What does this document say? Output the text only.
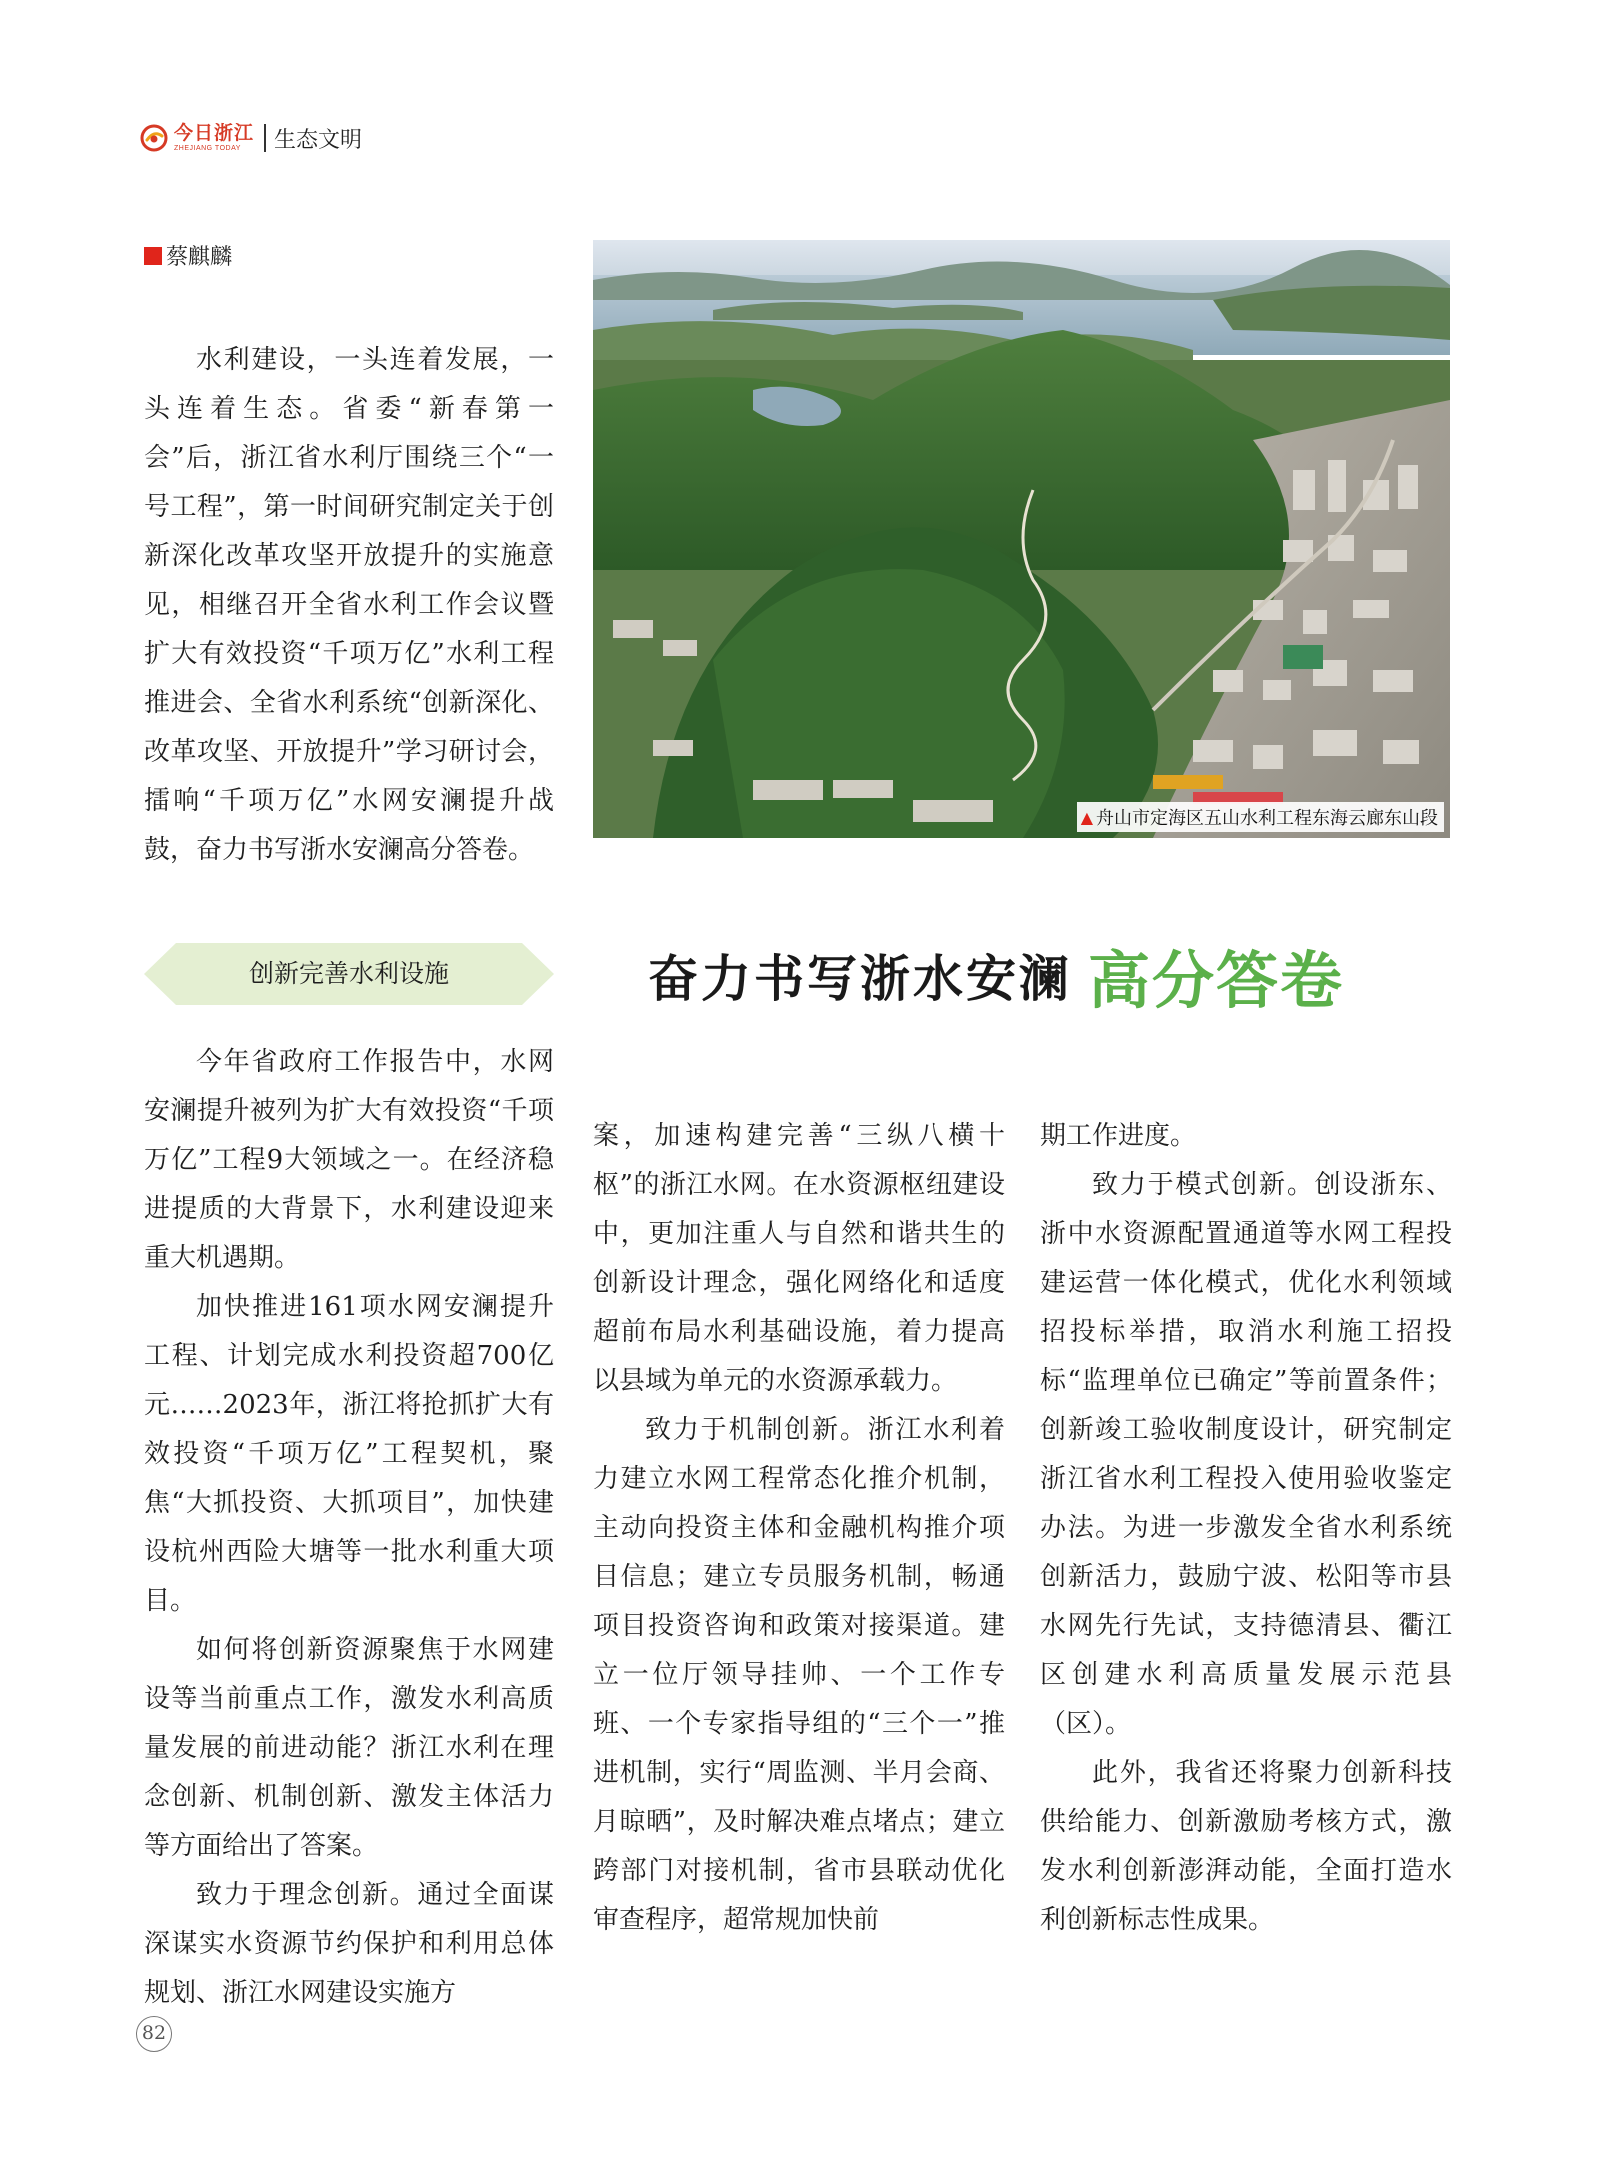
今日浙江
ZHEJIANG TODAY	生态文明
蔡麒麟

水利建设，一头连着发展，一头连着生态。省委“新春第一会”后，浙江省水利厅围绕三个“一号工程”，第一时间研究制定关于创新深化改革攻坚开放提升的实施意见，相继召开全省水利工作会议暨扩大有效投资“千项万亿”水利工程推进会、全省水利系统“创新深化、改革攻坚、开放提升”学习研讨会，擂响“千项万亿”水网安澜提升战鼓，奋力书写浙水安澜高分答卷。

▲ 舟山市定海区五山水利工程东海云廊东山段
创新完善水利设施	奋力书写浙水安澜 高分答卷

今年省政府工作报告中，水网安澜提升被列为扩大有效投资“千项万亿”工程9大领域之一。在经济稳进提质的大背景下，水利建设迎来重大机遇期。

加快推进161项水网安澜提升工程、计划完成水利投资超700亿元……2023年，浙江将抢抓扩大有效投资“千项万亿”工程契机，聚焦“大抓投资、大抓项目”，加快建设杭州西险大塘等一批水利重大项目。

如何将创新资源聚焦于水网建设等当前重点工作，激发水利高质量发展的前进动能？浙江水利在理念创新、机制创新、激发主体活力等方面给出了答案。

致力于理念创新。通过全面谋深谋实水资源节约保护和利用总体规划、浙江水网建设实施方

案，加速构建完善“三纵八横十枢”的浙江水网。在水资源枢纽建设中，更加注重人与自然和谐共生的创新设计理念，强化网络化和适度超前布局水利基础设施，着力提高以县域为单元的水资源承载力。

致力于机制创新。浙江水利着力建立水网工程常态化推介机制，主动向投资主体和金融机构推介项目信息；建立专员服务机制，畅通项目投资咨询和政策对接渠道。建立一位厅领导挂帅、一个工作专班、一个专家指导组的“三个一”推进机制，实行“周监测、半月会商、月晾晒”，及时解决难点堵点；建立跨部门对接机制，省市县联动优化审查程序，超常规加快前

期工作进度。

致力于模式创新。创设浙东、浙中水资源配置通道等水网工程投建运营一体化模式，优化水利领域招投标举措，取消水利施工招投标“监理单位已确定”等前置条件；创新竣工验收制度设计，研究制定浙江省水利工程投入使用验收鉴定办法。为进一步激发全省水利系统创新活力，鼓励宁波、松阳等市县水网先行先试，支持德清县、衢江区创建水利高质量发展示范县（区）。

此外，我省还将聚力创新科技供给能力、创新激励考核方式，激发水利创新澎湃动能，全面打造水利创新标志性成果。

82
